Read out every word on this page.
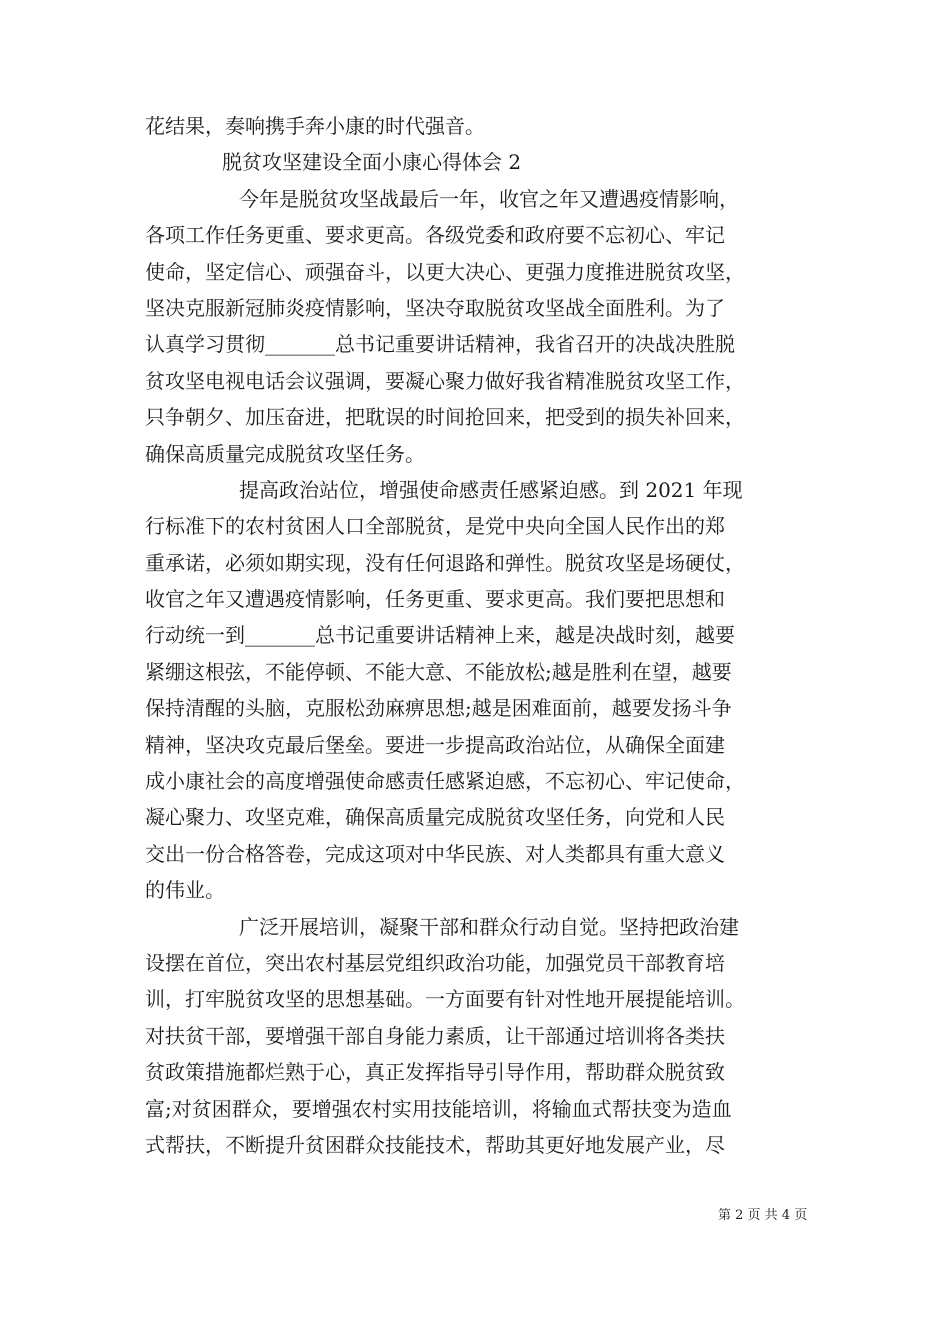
花结果，奏响携手奔小康的时代强音。
脱贫攻坚建设全面小康心得体会 2
今年是脱贫攻坚战最后一年，收官之年又遭遇疫情影响，
各项工作任务更重、要求更高。各级党委和政府要不忘初心、牢记
使命，坚定信心、顽强奋斗，以更大决心、更强力度推进脱贫攻坚，
坚决克服新冠肺炎疫情影响，坚决夺取脱贫攻坚战全面胜利。为了
认真学习贯彻_______总书记重要讲话精神，我省召开的决战决胜脱
贫攻坚电视电话会议强调，要凝心聚力做好我省精准脱贫攻坚工作，
只争朝夕、加压奋进，把耽误的时间抢回来，把受到的损失补回来，
确保高质量完成脱贫攻坚任务。
提高政治站位，增强使命感责任感紧迫感。到 2021 年现
行标准下的农村贫困人口全部脱贫，是党中央向全国人民作出的郑
重承诺，必须如期实现，没有任何退路和弹性。脱贫攻坚是场硬仗，
收官之年又遭遇疫情影响，任务更重、要求更高。我们要把思想和
行动统一到_______总书记重要讲话精神上来，越是决战时刻，越要
紧绷这根弦，不能停顿、不能大意、不能放松;越是胜利在望，越要
保持清醒的头脑，克服松劲麻痹思想;越是困难面前，越要发扬斗争
精神，坚决攻克最后堡垒。要进一步提高政治站位，从确保全面建
成小康社会的高度增强使命感责任感紧迫感，不忘初心、牢记使命，
凝心聚力、攻坚克难，确保高质量完成脱贫攻坚任务，向党和人民
交出一份合格答卷，完成这项对中华民族、对人类都具有重大意义
的伟业。
广泛开展培训，凝聚干部和群众行动自觉。坚持把政治建
设摆在首位，突出农村基层党组织政治功能，加强党员干部教育培
训，打牢脱贫攻坚的思想基础。一方面要有针对性地开展提能培训。
对扶贫干部，要增强干部自身能力素质，让干部通过培训将各类扶
贫政策措施都烂熟于心，真正发挥指导引导作用，帮助群众脱贫致
富;对贫困群众，要增强农村实用技能培训，将输血式帮扶变为造血
式帮扶，不断提升贫困群众技能技术，帮助其更好地发展产业，尽
第 2 页 共 4 页
